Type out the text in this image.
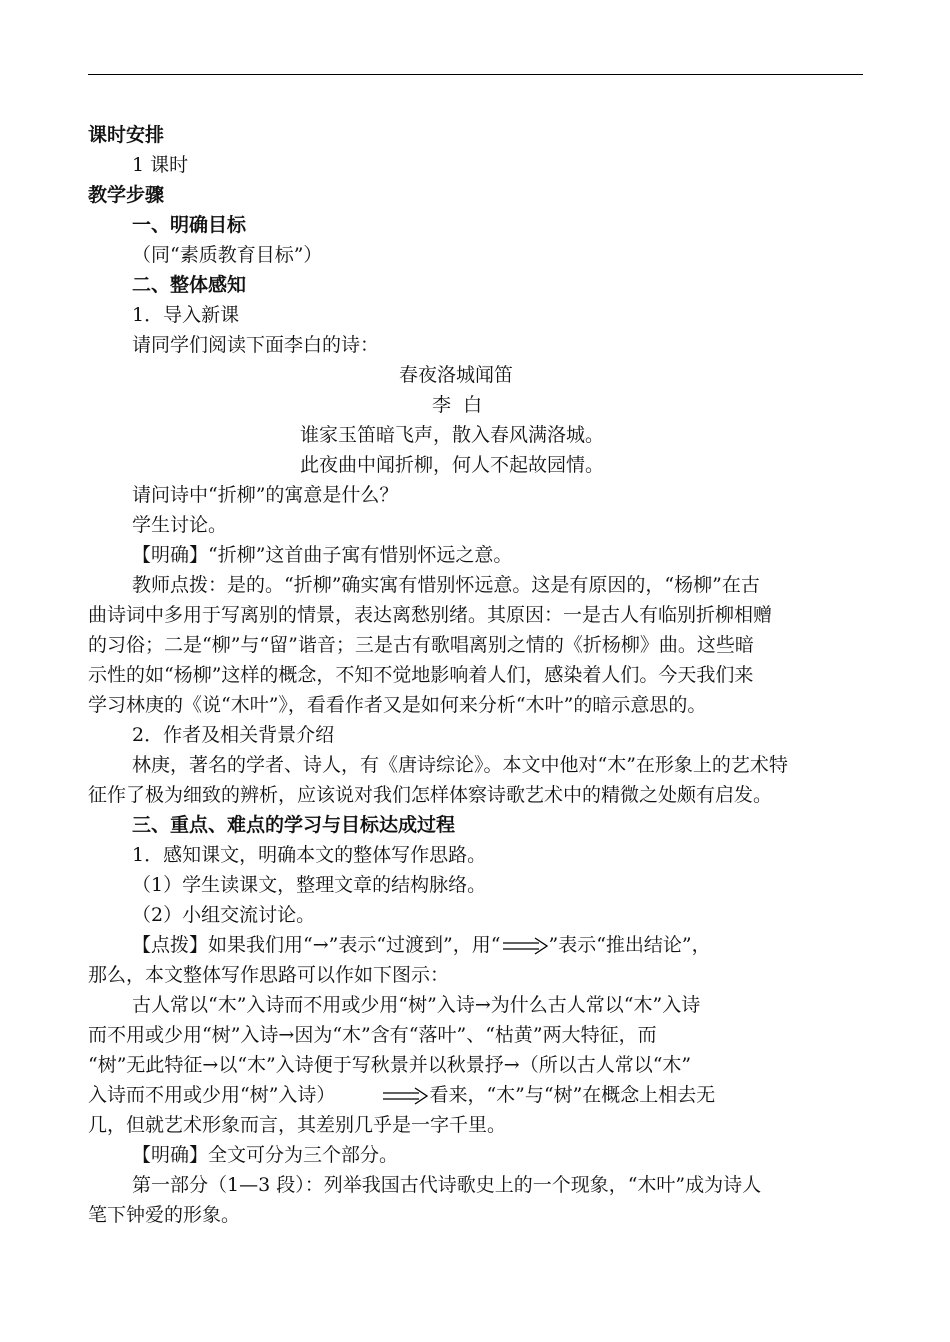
课时安排
1 课时
教学步骤
一、明确目标
（同“素质教育目标”）
二、整体感知
1．导入新课
请同学们阅读下面李白的诗：
春夜洛城闻笛
李  白
谁家玉笛暗飞声，散入春风满洛城。
此夜曲中闻折柳，何人不起故园情。
请问诗中“折柳”的寓意是什么？
学生讨论。
【明确】“折柳”这首曲子寓有惜别怀远之意。
教师点拨：是的。“折柳”确实寓有惜别怀远意。这是有原因的，“杨柳”在古
曲诗词中多用于写离别的情景，表达离愁别绪。其原因：一是古人有临别折柳相赠
的习俗；二是“柳”与“留”谐音；三是古有歌唱离别之情的《折杨柳》曲。这些暗
示性的如“杨柳”这样的概念，不知不觉地影响着人们，感染着人们。今天我们来
学习林庚的《说“木叶”》，看看作者又是如何来分析“木叶”的暗示意思的。
2．作者及相关背景介绍
林庚，著名的学者、诗人，有《唐诗综论》。本文中他对“木”在形象上的艺术特
征作了极为细致的辨析，应该说对我们怎样体察诗歌艺术中的精微之处颇有启发。
三、重点、难点的学习与目标达成过程
1．感知课文，明确本文的整体写作思路。
（1）学生读课文，整理文章的结构脉络。
（2）小组交流讨论。
【点拨】如果我们用“→”表示“过渡到”，用“	”表示“推出结论”，
那么，本文整体写作思路可以作如下图示：
古人常以“木”入诗而不用或少用“树”入诗→为什么古人常以“木”入诗
而不用或少用“树”入诗→因为“木”含有“落叶”、“枯黄”两大特征，而
“树”无此特征→以“木”入诗便于写秋景并以秋景抒→（所以古人常以“木”
入诗而不用或少用“树”入诗）	看来，“木”与“树”在概念上相去无
几，但就艺术形象而言，其差别几乎是一字千里。
【明确】全文可分为三个部分。
第一部分（1—3 段）：列举我国古代诗歌史上的一个现象，“木叶”成为诗人
笔下钟爱的形象。
